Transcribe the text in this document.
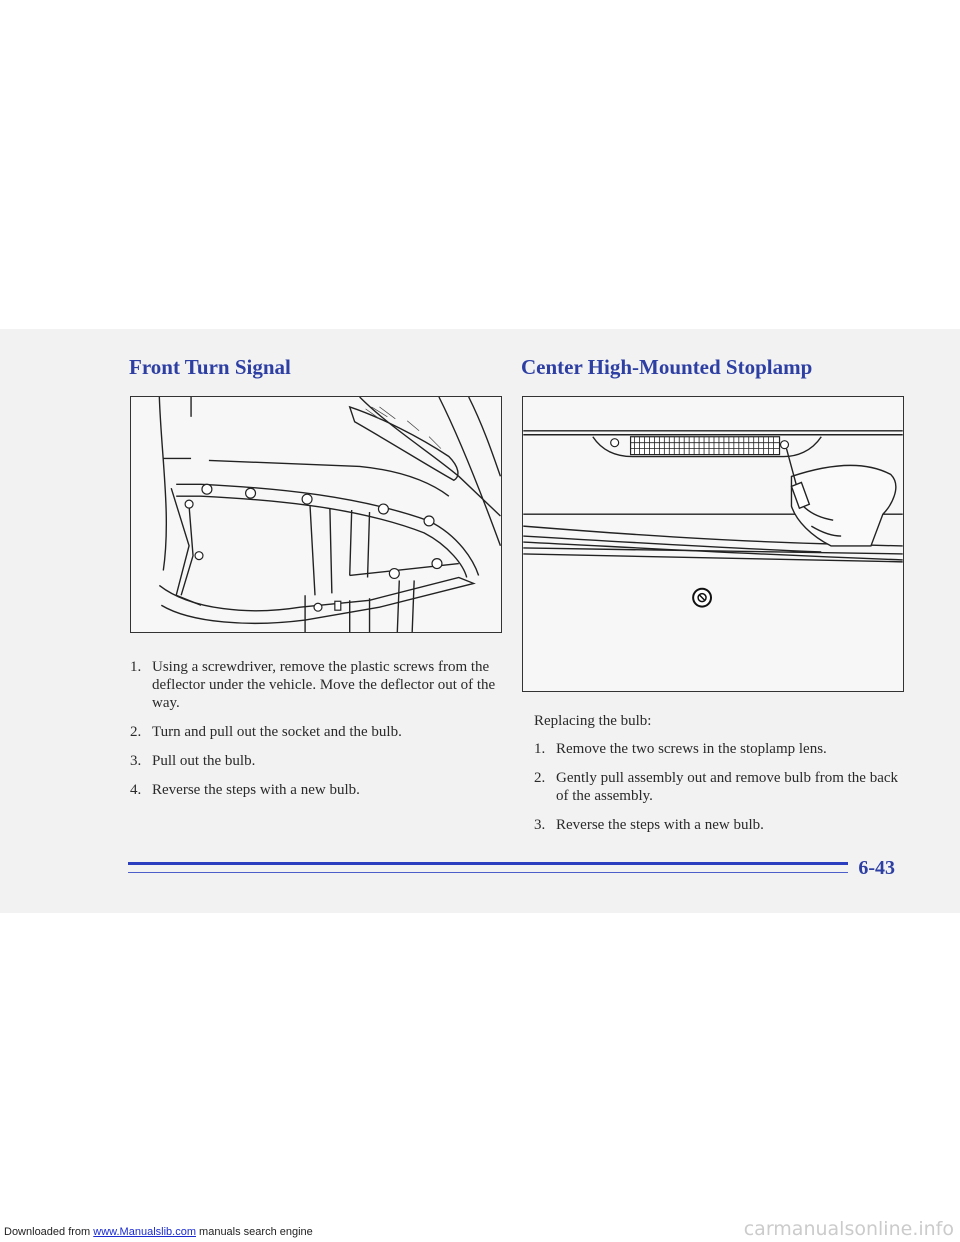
Front Turn Signal	Center High-Mounted Stoplamp
1. Using a screwdriver, remove the plastic screws from the deflector under the vehicle. Move the deflector out of the way.
2. Turn and pull out the socket and the bulb.
3. Pull out the bulb.
4. Reverse the steps with a new bulb.

Replacing the bulb:

1. Remove the two screws in the stoplamp lens.
2. Gently pull assembly out and remove bulb from the back of the assembly.
3. Reverse the steps with a new bulb.

6-43

Downloaded from www.Manualslib.com manuals search engine	carmanualsonline.info
